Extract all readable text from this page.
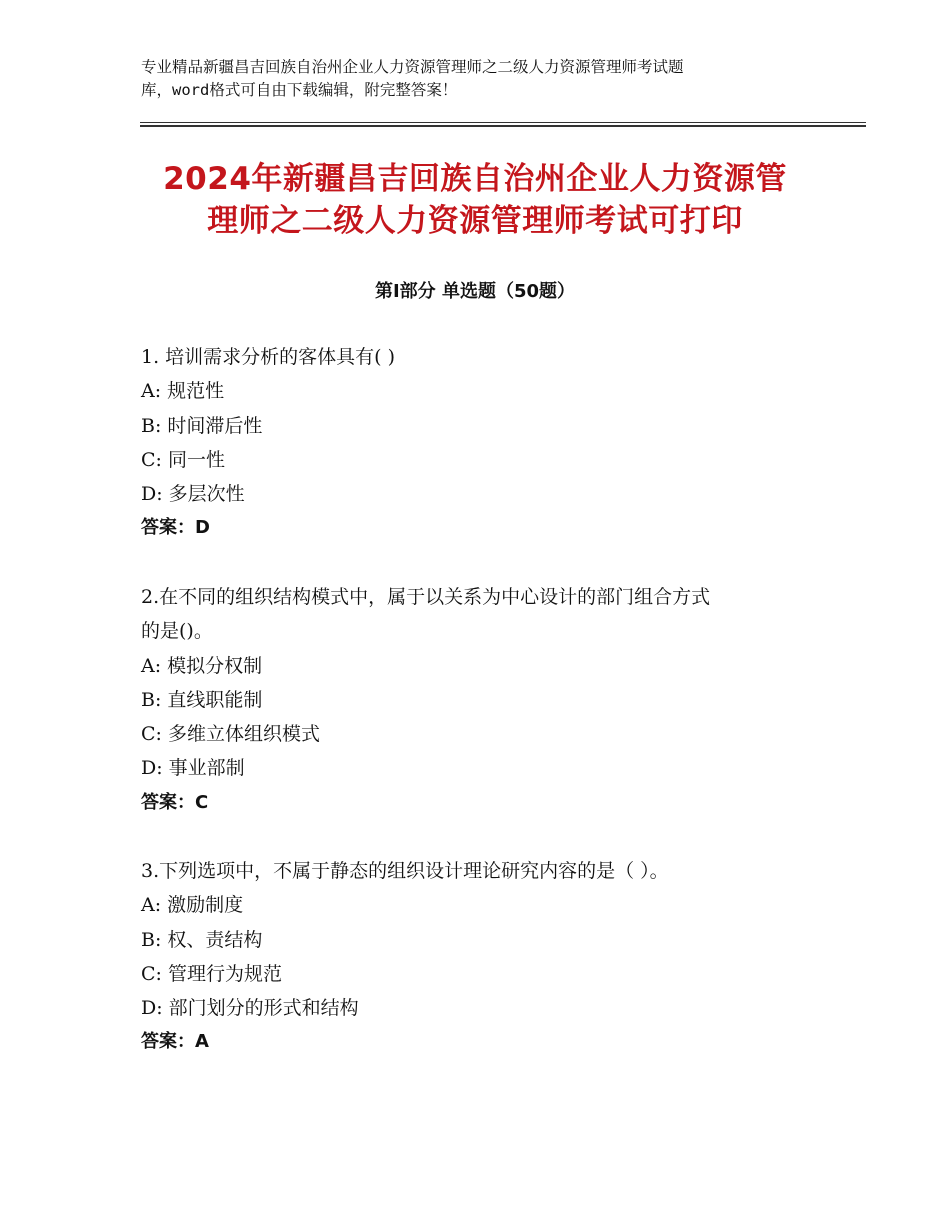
专业精品新疆昌吉回族自治州企业人力资源管理师之二级人力资源管理师考试题
库，word格式可自由下载编辑，附完整答案！
2024年新疆昌吉回族自治州企业人力资源管
理师之二级人力资源管理师考试可打印
第Ⅰ部分 单选题（50题）

1. 培训需求分析的客体具有( )

A: 规范性

B: 时间滞后性

C: 同一性

D: 多层次性

答案：D

2.在不同的组织结构模式中，属于以关系为中心设计的部门组合方式

的是()。

A: 模拟分权制

B: 直线职能制

C: 多维立体组织模式

D: 事业部制

答案：C

3.下列选项中，不属于静态的组织设计理论研究内容的是（ ）。

A: 激励制度

B: 权、责结构

C: 管理行为规范

D: 部门划分的形式和结构

答案：A
